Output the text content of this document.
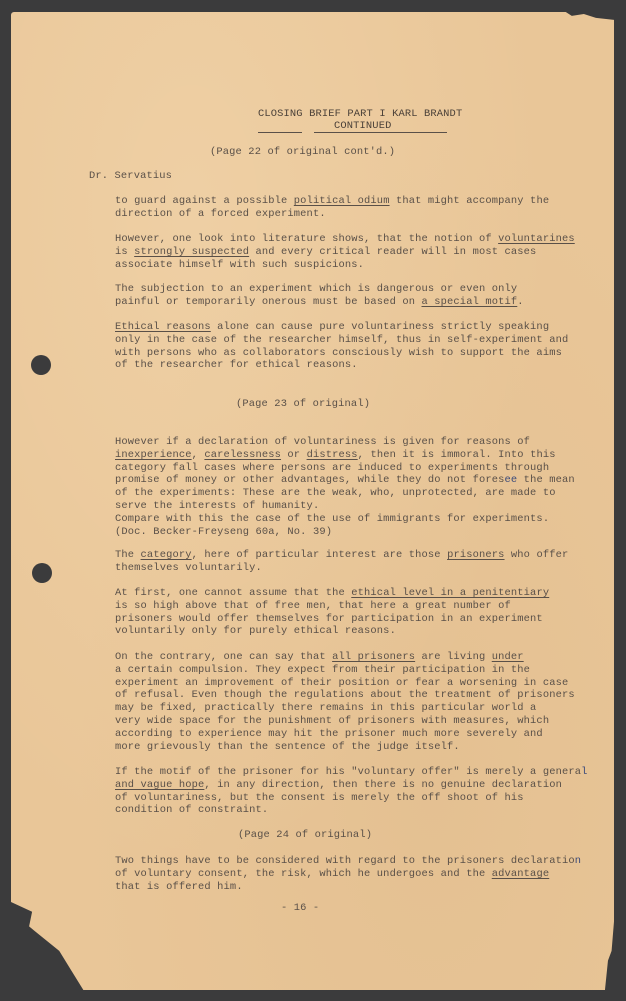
CLOSING BRIEF PART I KARL BRANDT
CONTINUED
(Page 22 of original cont'd.)
Dr. Servatius
to guard against a possible political odium that might accompany the
direction of a forced experiment.
However, one look into literature shows, that the notion of voluntarines
is strongly suspected and every critical reader will in most cases
associate himself with such suspicions.
The subjection to an experiment which is dangerous or even only
painful or temporarily onerous must be based on a special motif.
Ethical reasons alone can cause pure voluntariness strictly speaking
only in the case of the researcher himself, thus in self-experiment and
with persons who as collaborators consciously wish to support the aims
of the researcher for ethical reasons.
(Page 23 of original)
However if a declaration of voluntariness is given for reasons of
inexperience, carelessness or distress, then it is immoral. Into this
category fall cases where persons are induced to experiments through
promise of money or other advantages, while they do not foresee the mean
of the experiments: These are the weak, who, unprotected, are made to
serve the interests of humanity.
Compare with this the case of the use of immigrants for experiments.
(Doc. Becker-Freyseng 60a, No. 39)
The category, here of particular interest are those prisoners who offer
themselves voluntarily.
At first, one cannot assume that the ethical level in a penitentiary
is so high above that of free men, that here a great number of
prisoners would offer themselves for participation in an experiment
voluntarily only for purely ethical reasons.
On the contrary, one can say that all prisoners are living under
a certain compulsion. They expect from their participation in the
experiment an improvement of their position or fear a worsening in case
of refusal. Even though the regulations about the treatment of prisoners
may be fixed, practically there remains in this particular world a
very wide space for the punishment of prisoners with measures, which
according to experience may hit the prisoner much more severely and
more grievously than the sentence of the judge itself.
If the motif of the prisoner for his "voluntary offer" is merely a general
and vague hope, in any direction, then there is no genuine declaration
of voluntariness, but the consent is merely the off shoot of his
condition of constraint.
(Page 24 of original)
Two things have to be considered with regard to the prisoners declaration
of voluntary consent, the risk, which he undergoes and the advantage
that is offered him.
- 16 -
